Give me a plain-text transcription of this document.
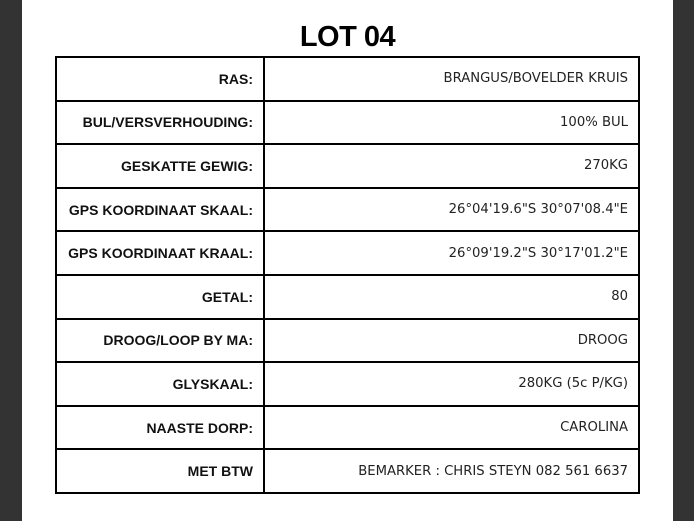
LOT 04
RAS:	BRANGUS/BOVELDER KRUIS
BUL/VERSVERHOUDING:	100% BUL
GESKATTE GEWIG:	270KG
GPS KOORDINAAT SKAAL:	26°04'19.6"S 30°07'08.4"E
GPS KOORDINAAT KRAAL:	26°09'19.2"S 30°17'01.2"E
GETAL:	80
DROOG/LOOP BY MA:	DROOG
GLYSKAAL:	280KG (5c P/KG)
NAASTE DORP:	CAROLINA
MET BTW	BEMARKER : CHRIS STEYN 082 561 6637
